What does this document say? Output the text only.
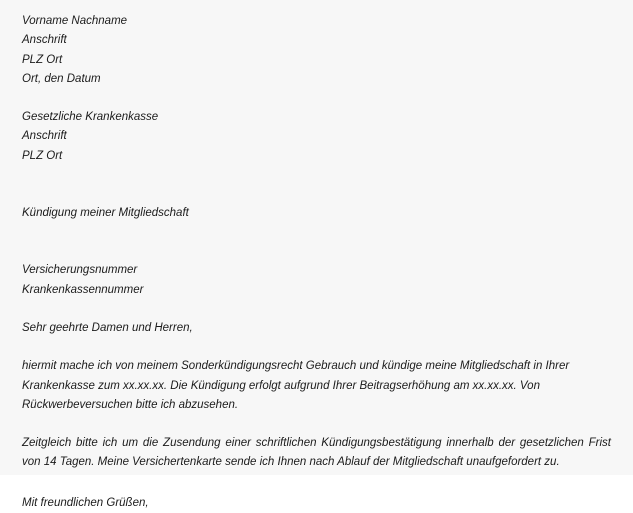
Vorname Nachname
Anschrift
PLZ Ort
Ort, den Datum
Gesetzliche Krankenkasse
Anschrift
PLZ Ort
Kündigung meiner Mitgliedschaft
Versicherungsnummer
Krankenkassennummer
Sehr geehrte Damen und Herren,

hiermit mache ich von meinem Sonderkündigungsrecht Gebrauch und kündige meine Mitgliedschaft in Ihrer Krankenkasse zum xx.xx.xx. Die Kündigung erfolgt aufgrund Ihrer Beitragserhöhung am xx.xx.xx. Von Rückwerbeversuchen bitte ich abzusehen.

Zeitgleich bitte ich um die Zusendung einer schriftlichen Kündigungsbestätigung innerhalb der gesetzlichen Frist von 14 Tagen. Meine Versichertenkarte sende ich Ihnen nach Ablauf der Mitgliedschaft unaufgefordert zu.

Mit freundlichen Grüßen,
